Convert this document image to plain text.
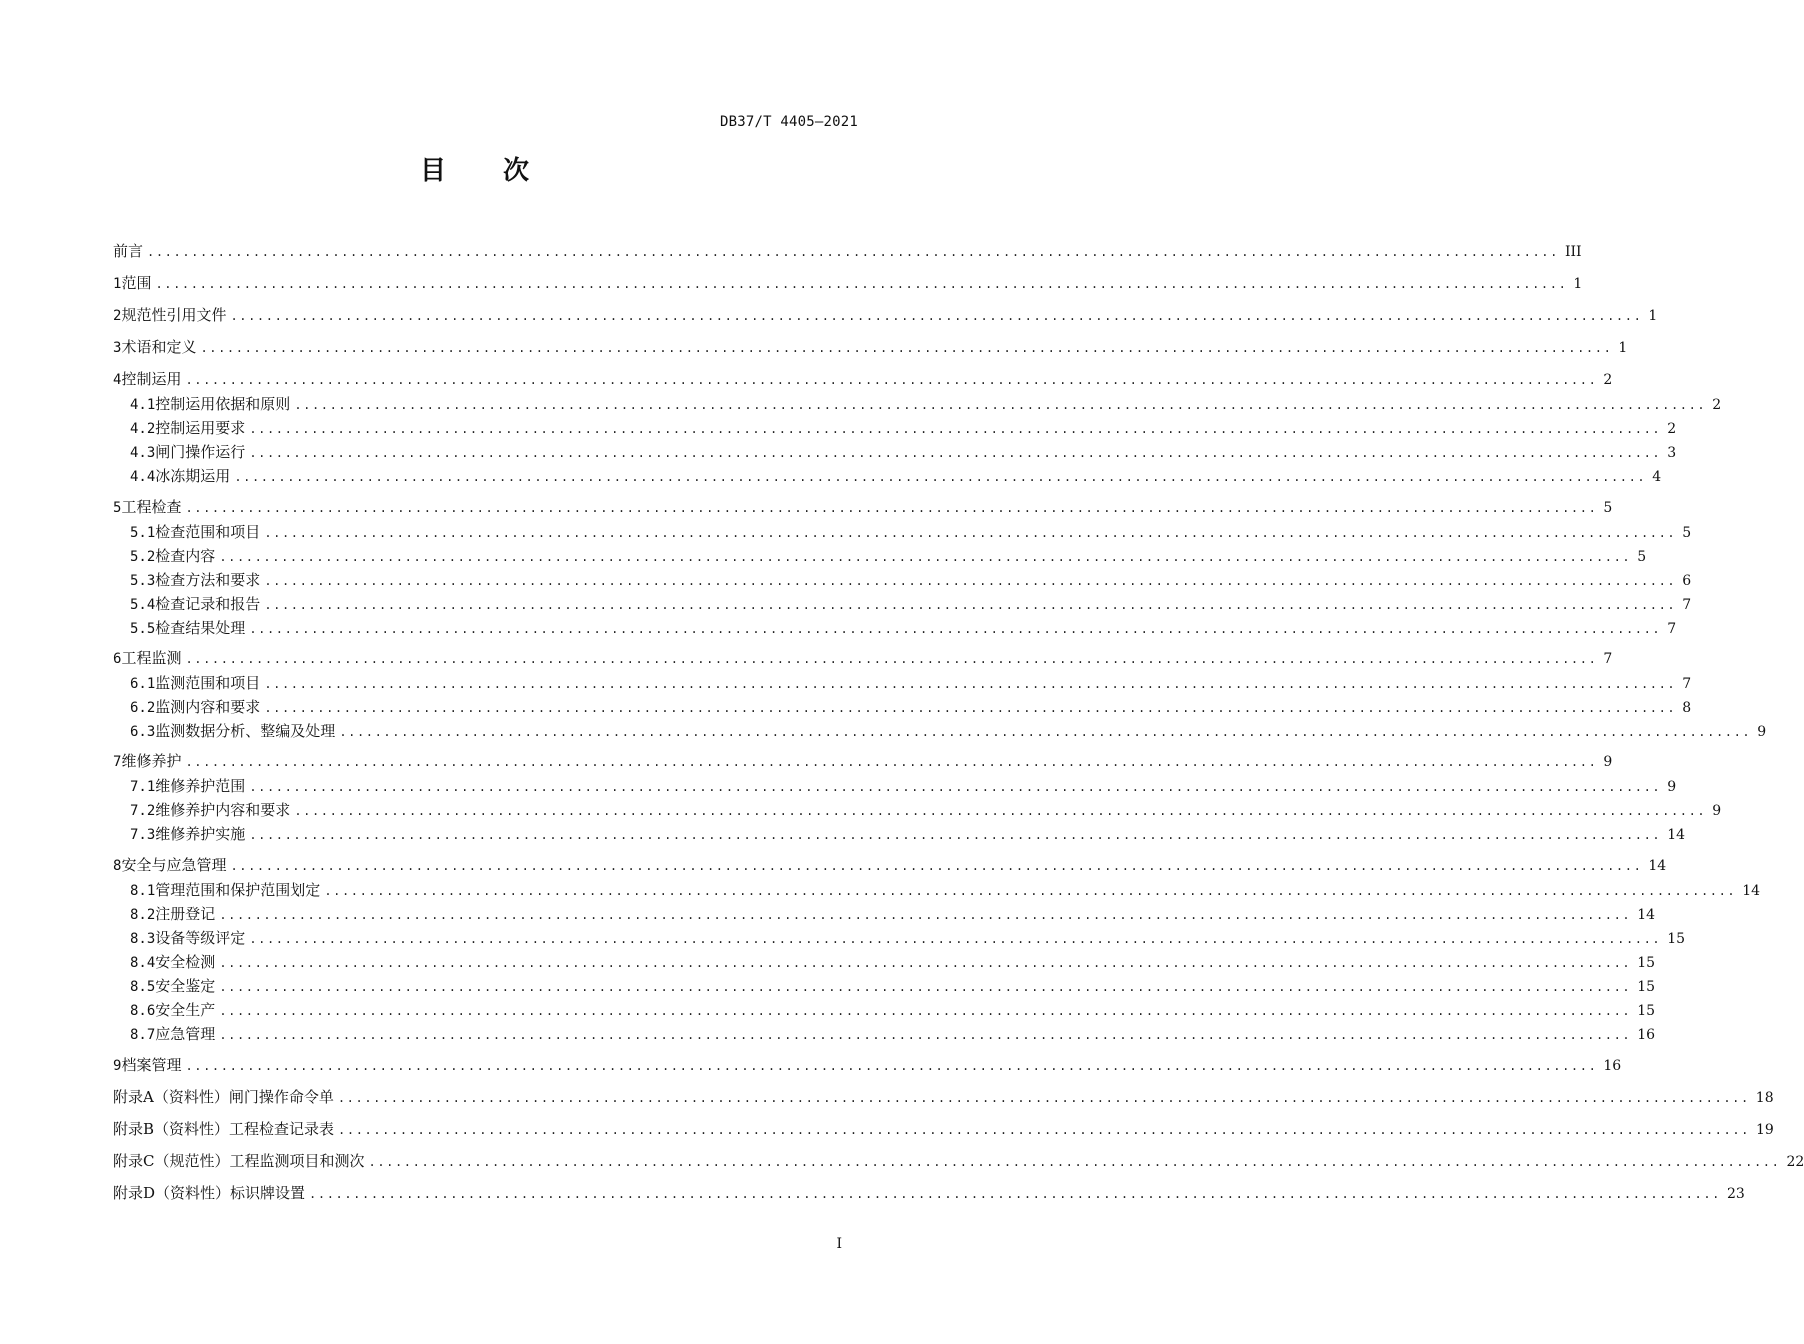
DB37/T 4405—2021
目 次
前言 ................................................................................................................................................................ III
1 范围 ................................................................................................................................................................ 1
2 规范性引用文件 ................................................................................................................................................................ 1
3 术语和定义 ................................................................................................................................................................ 1
4 控制运用 ................................................................................................................................................................ 2
4.1 控制运用依据和原则 ................................................................................................................................................................ 2
4.2 控制运用要求 ................................................................................................................................................................ 2
4.3 闸门操作运行 ................................................................................................................................................................ 3
4.4 冰冻期运用 ................................................................................................................................................................ 4
5 工程检查 ................................................................................................................................................................ 5
5.1 检查范围和项目 ................................................................................................................................................................ 5
5.2 检查内容 ................................................................................................................................................................ 5
5.3 检查方法和要求 ................................................................................................................................................................ 6
5.4 检查记录和报告 ................................................................................................................................................................ 7
5.5 检查结果处理 ................................................................................................................................................................ 7
6 工程监测 ................................................................................................................................................................ 7
6.1 监测范围和项目 ................................................................................................................................................................ 7
6.2 监测内容和要求 ................................................................................................................................................................ 8
6.3 监测数据分析、整编及处理 ................................................................................................................................................................ 9
7 维修养护 ................................................................................................................................................................ 9
7.1 维修养护范围 ................................................................................................................................................................ 9
7.2 维修养护内容和要求 ................................................................................................................................................................ 9
7.3 维修养护实施 ................................................................................................................................................................ 14
8 安全与应急管理 ................................................................................................................................................................ 14
8.1 管理范围和保护范围划定 ................................................................................................................................................................ 14
8.2 注册登记 ................................................................................................................................................................ 14
8.3 设备等级评定 ................................................................................................................................................................ 15
8.4 安全检测 ................................................................................................................................................................ 15
8.5 安全鉴定 ................................................................................................................................................................ 15
8.6 安全生产 ................................................................................................................................................................ 15
8.7 应急管理 ................................................................................................................................................................ 16
9 档案管理 ................................................................................................................................................................ 16
附录A（资料性） 闸门操作命令单 ................................................................................................................................................................ 18
附录B（资料性） 工程检查记录表 ................................................................................................................................................................ 19
附录C（规范性） 工程监测项目和测次 ................................................................................................................................................................ 22
附录D（资料性） 标识牌设置 ................................................................................................................................................................ 23
I
